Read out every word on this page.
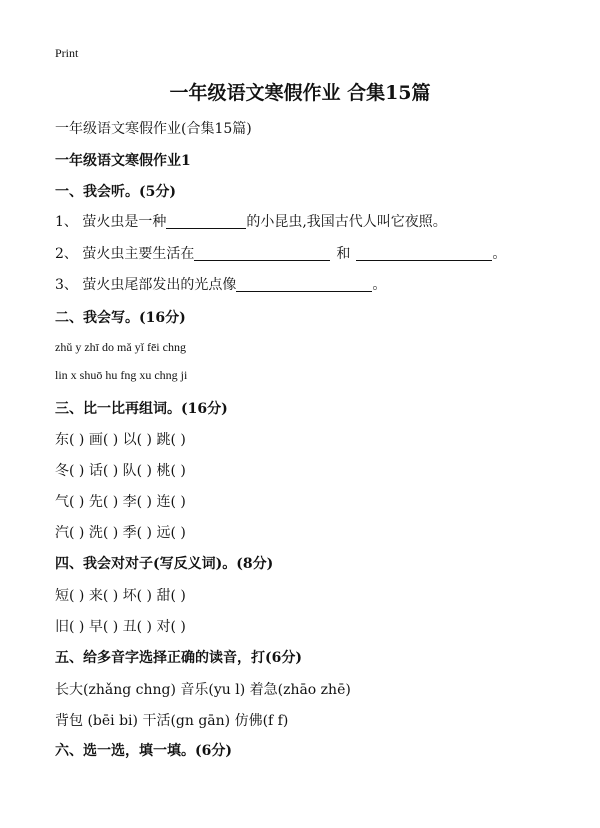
Print
一年级语文寒假作业 合集15篇
一年级语文寒假作业(合集15篇)
一年级语文寒假作业1
一、我会听。(5分)
1、 萤火虫是一种	的小昆虫,我国古代人叫它夜照。
2、 萤火虫主要生活在	和	。
3、 萤火虫尾部发出的光点像	。
二、我会写。(16分)
zhǔ y zhī do mǎ yǐ fēi chng
lin x shuō hu fng xu chng ji
三、比一比再组词。(16分)
东( ) 画( ) 以( ) 跳( )
冬( ) 话( ) 队( ) 桃( )
气( ) 先( ) 李( ) 连( )
汽( ) 洗( ) 季( ) 远( )
四、我会对对子(写反义词)。(8分)
短( ) 来( ) 坏( ) 甜( )
旧( ) 早( ) 丑( ) 对( )
五、给多音字选择正确的读音，打(6分)
长大(zhǎng chng) 音乐(yu l) 着急(zhāo zhē)
背包 (bēi bi) 干活(gn gān) 仿佛(f f)
六、选一选，填一填。(6分)
